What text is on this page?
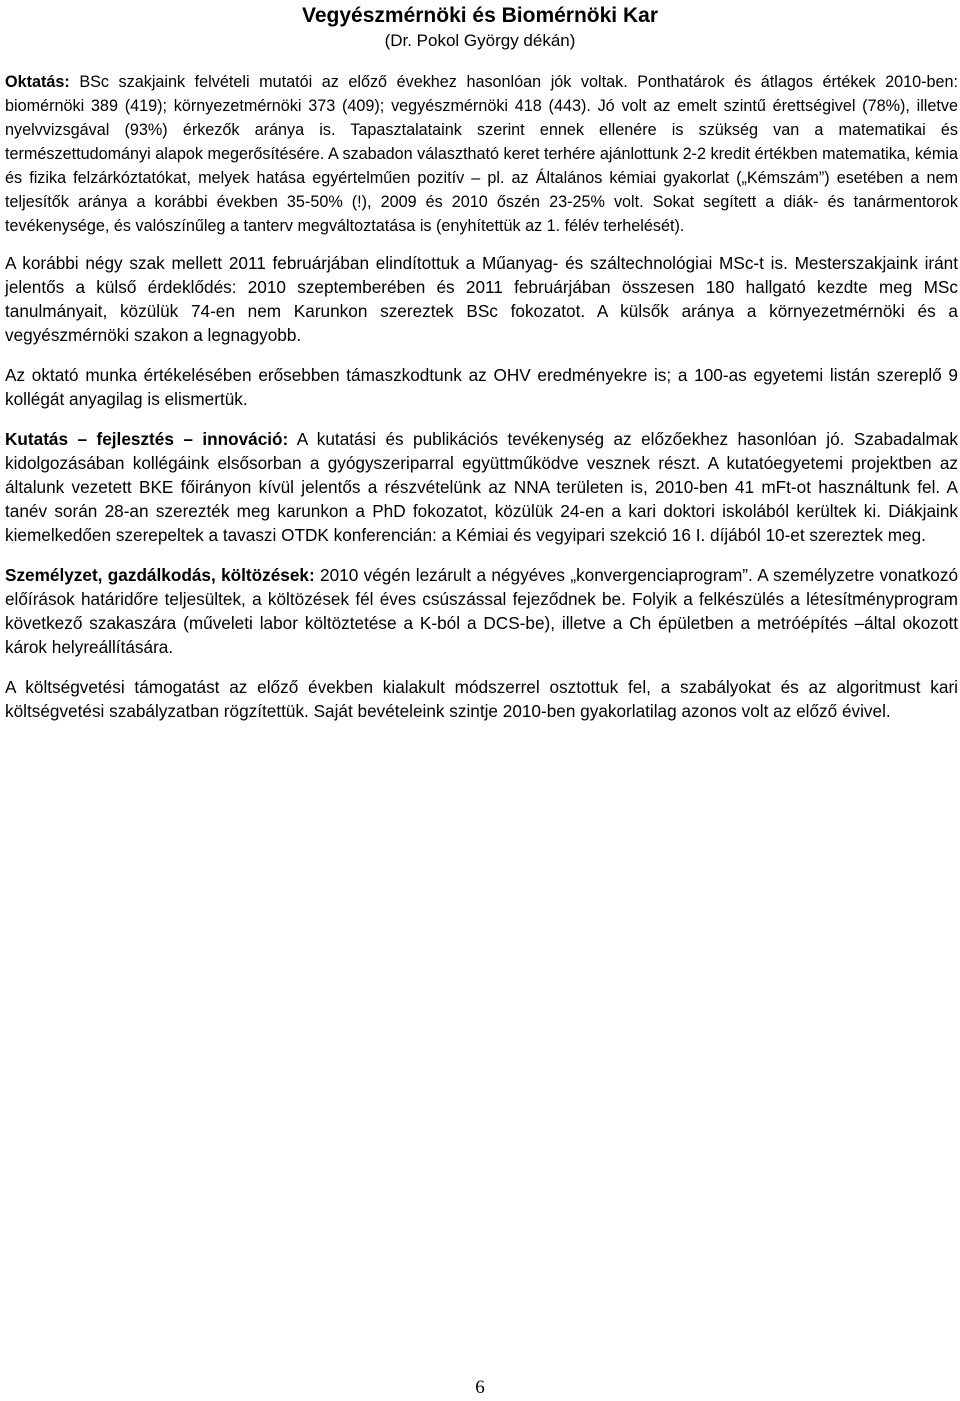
Vegyészmérnöki és Biomérnöki Kar

(Dr. Pokol György dékán)

Oktatás: BSc szakjaink felvételi mutatói az előző évekhez hasonlóan jók voltak. Ponthatárok és átlagos értékek 2010-ben: biomérnöki 389 (419); környezetmérnöki 373 (409); vegyészmérnöki 418 (443). Jó volt az emelt szintű érettségivel (78%), illetve nyelvvizsgával (93%) érkezők aránya is. Tapasztalataink szerint ennek ellenére is szükség van a matematikai és természettudományi alapok megerősítésére. A szabadon választható keret terhére ajánlottunk 2-2 kredit értékben matematika, kémia és fizika felzárkóztatókat, melyek hatása egyértelműen pozitív – pl. az Általános kémiai gyakorlat („Kémszám”) esetében a nem teljesítők aránya a korábbi években 35-50% (!), 2009 és 2010 őszén 23-25% volt. Sokat segített a diák- és tanármentorok tevékenysége, és valószínűleg a tanterv megváltoztatása is (enyhítettük az 1. félév terhelését).

A korábbi négy szak mellett 2011 februárjában elindítottuk a Műanyag- és száltechnológiai MSc-t is. Mesterszakjaink iránt jelentős a külső érdeklődés: 2010 szeptemberében és 2011 februárjában összesen 180 hallgató kezdte meg MSc tanulmányait, közülük 74-en nem Karunkon szereztek BSc fokozatot. A külsők aránya a környezetmérnöki és a vegyészmérnöki szakon a legnagyobb.

Az oktató munka értékelésében erősebben támaszkodtunk az OHV eredményekre is; a 100-as egyetemi listán szereplő 9 kollégát anyagilag is elismertük.

Kutatás – fejlesztés – innováció: A kutatási és publikációs tevékenység az előzőekhez hasonlóan jó. Szabadalmak kidolgozásában kollégáink elsősorban a gyógyszeriparral együttműködve vesznek részt. A kutatóegyetemi projektben az általunk vezetett BKE főirányon kívül jelentős a részvételünk az NNA területen is, 2010-ben 41 mFt-ot használtunk fel. A tanév során 28-an szerezték meg karunkon a PhD fokozatot, közülük 24-en a kari doktori iskolából kerültek ki. Diákjaink kiemelkedően szerepeltek a tavaszi OTDK konferencián: a Kémiai és vegyipari szekció 16 I. díjából 10-et szereztek meg.

Személyzet, gazdálkodás, költözések: 2010 végén lezárult a négyéves „konvergenciaprogram”. A személyzetre vonatkozó előírások határidőre teljesültek, a költözések fél éves csúszással fejeződnek be. Folyik a felkészülés a létesítményprogram következő szakaszára (műveleti labor költöztetése a K-ból a DCS-be), illetve a Ch épületben a metróépítés –által okozott károk helyreállítására.

A költségvetési támogatást az előző években kialakult módszerrel osztottuk fel, a szabályokat és az algoritmust kari költségvetési szabályzatban rögzítettük. Saját bevételeink szintje 2010-ben gyakorlatilag azonos volt az előző évivel.

6
